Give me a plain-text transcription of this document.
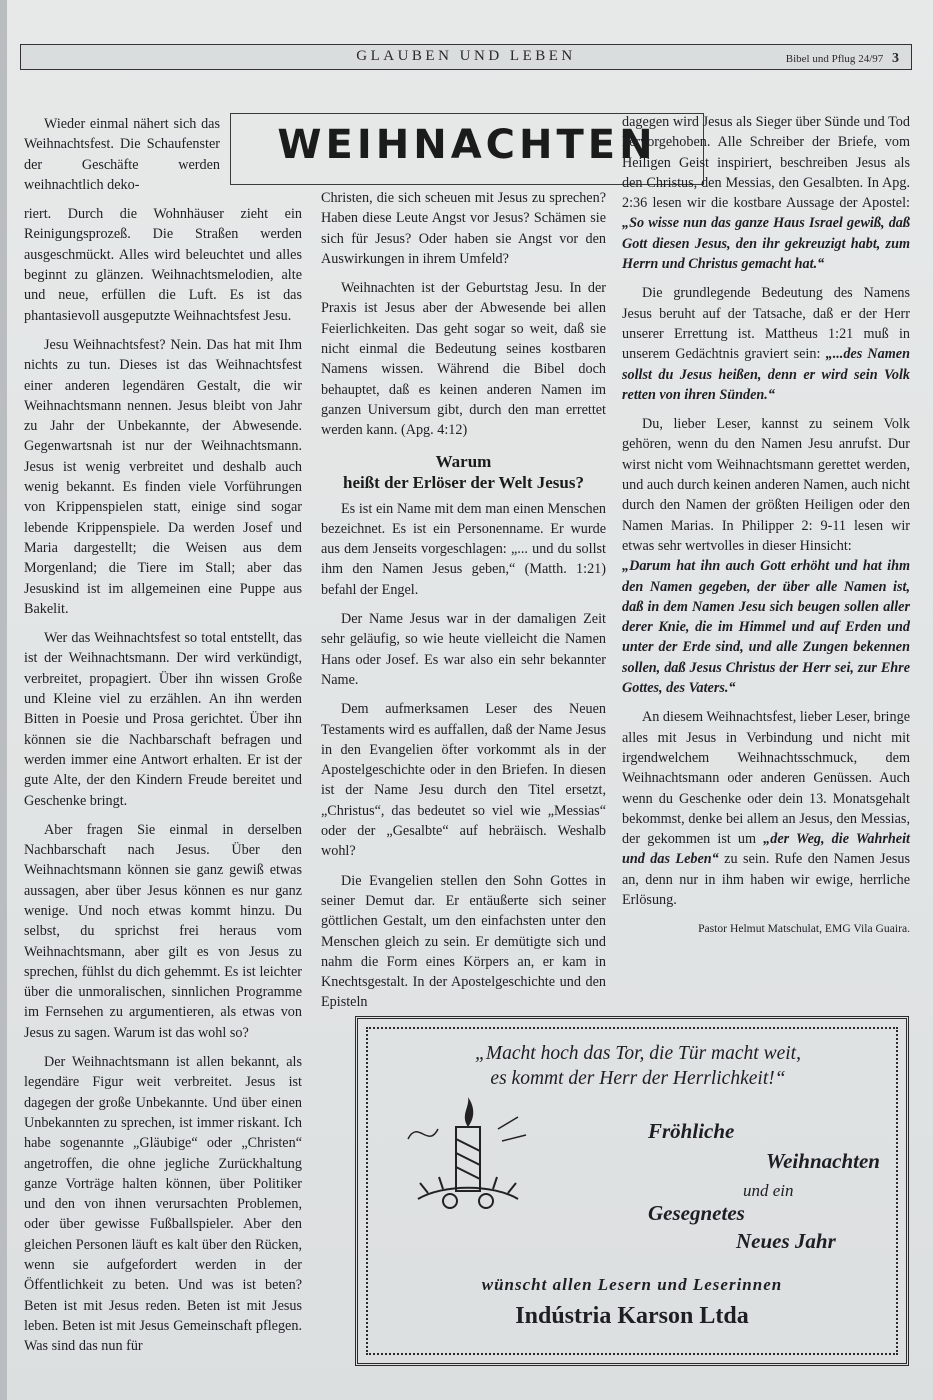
GLAUBEN UND LEBEN	Bibel und Pflug 24/97 3
WEIHNACHTEN

Wieder einmal nähert sich das Weihnachtsfest. Die Schaufenster der Geschäfte werden weihnachtlich deko-

riert. Durch die Wohnhäuser zieht ein Reinigungsprozeß. Die Straßen werden ausgeschmückt. Alles wird beleuchtet und alles beginnt zu glänzen. Weihnachtsmelodien, alte und neue, erfüllen die Luft. Es ist das phantasievoll ausgeputzte Weihnachtsfest Jesu.

Jesu Weihnachtsfest? Nein. Das hat mit Ihm nichts zu tun. Dieses ist das Weihnachtsfest einer anderen legendären Gestalt, die wir Weihnachtsmann nennen. Jesus bleibt von Jahr zu Jahr der Unbekannte, der Abwesende. Gegenwartsnah ist nur der Weihnachtsmann. Jesus ist wenig verbreitet und deshalb auch wenig bekannt. Es finden viele Vorführungen von Krippenspielen statt, einige sind sogar lebende Krippenspiele. Da werden Josef und Maria dargestellt; die Weisen aus dem Morgenland; die Tiere im Stall; aber das Jesuskind ist im allgemeinen eine Puppe aus Bakelit.

Wer das Weihnachtsfest so total entstellt, das ist der Weihnachtsmann. Der wird verkündigt, verbreitet, propagiert. Über ihn wissen Große und Kleine viel zu erzählen. An ihn werden Bitten in Poesie und Prosa gerichtet. Über ihn können sie die Nachbarschaft befragen und werden immer eine Antwort erhalten. Er ist der gute Alte, der den Kindern Freude bereitet und Geschenke bringt.

Aber fragen Sie einmal in derselben Nachbarschaft nach Jesus. Über den Weihnachtsmann können sie ganz gewiß etwas aussagen, aber über Jesus können es nur ganz wenige. Und noch etwas kommt hinzu. Du selbst, du sprichst frei heraus vom Weihnachtsmann, aber gilt es von Jesus zu sprechen, fühlst du dich gehemmt. Es ist leichter über die unmoralischen, sinnlichen Programme im Fernsehen zu argumentieren, als etwas von Jesus zu sagen. Warum ist das wohl so?

Der Weihnachtsmann ist allen bekannt, als legendäre Figur weit verbreitet. Jesus ist dagegen der große Unbekannte. Und über einen Unbekannten zu sprechen, ist immer riskant. Ich habe sogenannte „Gläubige“ oder „Christen“ angetroffen, die ohne jegliche Zurückhaltung ganze Vorträge halten können, über Politiker und den von ihnen verursachten Problemen, oder über gewisse Fußballspieler. Aber den gleichen Personen läuft es kalt über den Rücken, wenn sie aufgefordert werden in der Öffentlichkeit zu beten. Und was ist beten? Beten ist mit Jesus reden. Beten ist mit Jesus leben. Beten ist mit Jesus Gemeinschaft pflegen. Was sind das nun für

Christen, die sich scheuen mit Jesus zu sprechen? Haben diese Leute Angst vor Jesus? Schämen sie sich für Jesus? Oder haben sie Angst vor den Auswirkungen in ihrem Umfeld?

Weihnachten ist der Geburtstag Jesu. In der Praxis ist Jesus aber der Abwesende bei allen Feierlichkeiten. Das geht sogar so weit, daß sie nicht einmal die Bedeutung seines kostbaren Namens wissen. Während die Bibel doch behauptet, daß es keinen anderen Namen im ganzen Universum gibt, durch den man errettet werden kann. (Apg. 4:12)

Warum
heißt der Erlöser der Welt Jesus?

Es ist ein Name mit dem man einen Menschen bezeichnet. Es ist ein Personenname. Er wurde aus dem Jenseits vorgeschlagen: „... und du sollst ihm den Namen Jesus geben,“ (Matth. 1:21) befahl der Engel.

Der Name Jesus war in der damaligen Zeit sehr geläufig, so wie heute vielleicht die Namen Hans oder Josef. Es war also ein sehr bekannter Name.

Dem aufmerksamen Leser des Neuen Testaments wird es auffallen, daß der Name Jesus in den Evangelien öfter vorkommt als in der Apostelgeschichte oder in den Briefen. In diesen ist der Name Jesu durch den Titel ersetzt, „Christus“, das bedeutet so viel wie „Messias“ oder der „Gesalbte“ auf hebräisch. Weshalb wohl?

Die Evangelien stellen den Sohn Gottes in seiner Demut dar. Er entäußerte sich seiner göttlichen Gestalt, um den einfachsten unter den Menschen gleich zu sein. Er demütigte sich und nahm die Form eines Körpers an, er kam in Knechtsgestalt. In der Apostelgeschichte und den Episteln

dagegen wird Jesus als Sieger über Sünde und Tod hervorgehoben. Alle Schreiber der Briefe, vom Heiligen Geist inspiriert, beschreiben Jesus als den Christus, den Messias, den Gesalbten. In Apg. 2:36 lesen wir die kostbare Aussage der Apostel: „So wisse nun das ganze Haus Israel gewiß, daß Gott diesen Jesus, den ihr gekreuzigt habt, zum Herrn und Christus gemacht hat.“

Die grundlegende Bedeutung des Namens Jesus beruht auf der Tatsache, daß er der Herr unserer Errettung ist. Mattheus 1:21 muß in unserem Gedächtnis graviert sein: „...des Namen sollst du Jesus heißen, denn er wird sein Volk retten von ihren Sünden.“

Du, lieber Leser, kannst zu seinem Volk gehören, wenn du den Namen Jesu anrufst. Dur wirst nicht vom Weihnachtsmann gerettet werden, und auch durch keinen anderen Namen, auch nicht durch den Namen der größten Heiligen oder den Namen Marias. In Philipper 2: 9-11 lesen wir etwas sehr wertvolles in dieser Hinsicht:
„Darum hat ihn auch Gott erhöht und hat ihm den Namen gegeben, der über alle Namen ist, daß in dem Namen Jesu sich beugen sollen aller derer Knie, die im Himmel und auf Erden und unter der Erde sind, und alle Zungen bekennen sollen, daß Jesus Christus der Herr sei, zur Ehre Gottes, des Vaters.“

An diesem Weihnachtsfest, lieber Leser, bringe alles mit Jesus in Verbindung und nicht mit irgendwelchem Weihnachtsschmuck, dem Weihnachtsmann oder anderen Genüssen. Auch wenn du Geschenke oder dein 13. Monatsgehalt bekommst, denke bei allem an Jesus, den Messias, der gekommen ist um „der Weg, die Wahrheit und das Leben“ zu sein. Rufe den Namen Jesus an, denn nur in ihm haben wir ewige, herrliche Erlösung.

Pastor Helmut Matschulat, EMG Vila Guaira.
„Macht hoch das Tor, die Tür macht weit,
es kommt der Herr der Herrlichkeit!“
Fröhliche
Weihnachten
und ein
Gesegnetes
Neues Jahr
wünscht allen Lesern und Leserinnen
Indústria Karson Ltda
